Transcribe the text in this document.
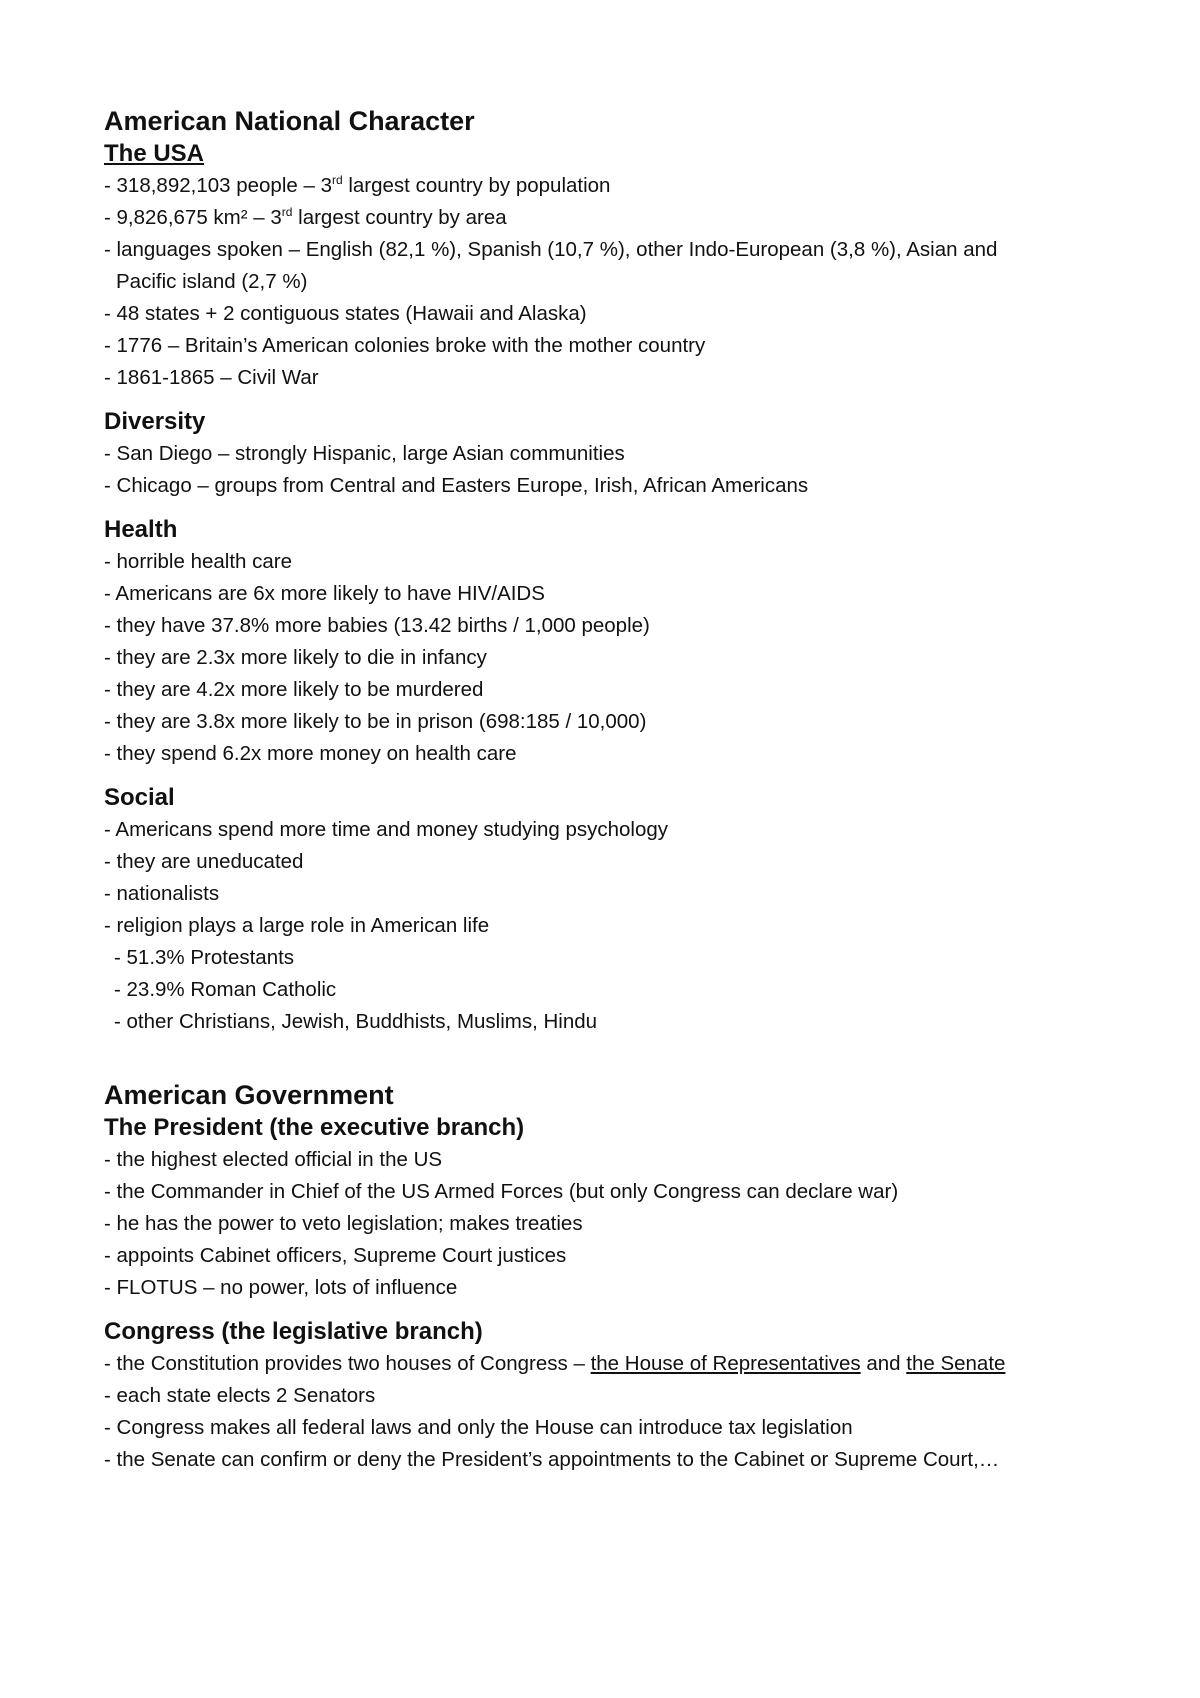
American National Character
The USA
- 318,892,103 people – 3rd largest country by population
- 9,826,675 km² – 3rd largest country by area
- languages spoken – English (82,1 %), Spanish (10,7 %), other Indo-European (3,8 %), Asian and
Pacific island (2,7 %)
- 48 states + 2 contiguous states (Hawaii and Alaska)
- 1776 – Britain’s American colonies broke with the mother country
- 1861-1865 – Civil War
Diversity
- San Diego – strongly Hispanic, large Asian communities
- Chicago – groups from Central and Easters Europe, Irish, African Americans
Health
- horrible health care
- Americans are 6x more likely to have HIV/AIDS
- they have 37.8% more babies (13.42 births / 1,000 people)
- they are 2.3x more likely to die in infancy
- they are 4.2x more likely to be murdered
- they are 3.8x more likely to be in prison (698:185 / 10,000)
- they spend 6.2x more money on health care
Social
- Americans spend more time and money studying psychology
- they are uneducated
- nationalists
- religion plays a large role in American life
- 51.3% Protestants
- 23.9% Roman Catholic
- other Christians, Jewish, Buddhists, Muslims, Hindu
American Government
The President (the executive branch)
- the highest elected official in the US
- the Commander in Chief of the US Armed Forces (but only Congress can declare war)
- he has the power to veto legislation; makes treaties
- appoints Cabinet officers, Supreme Court justices
- FLOTUS – no power, lots of influence
Congress (the legislative branch)
- the Constitution provides two houses of Congress – the House of Representatives and the Senate
- each state elects 2 Senators
- Congress makes all federal laws and only the House can introduce tax legislation
- the Senate can confirm or deny the President’s appointments to the Cabinet or Supreme Court,…
